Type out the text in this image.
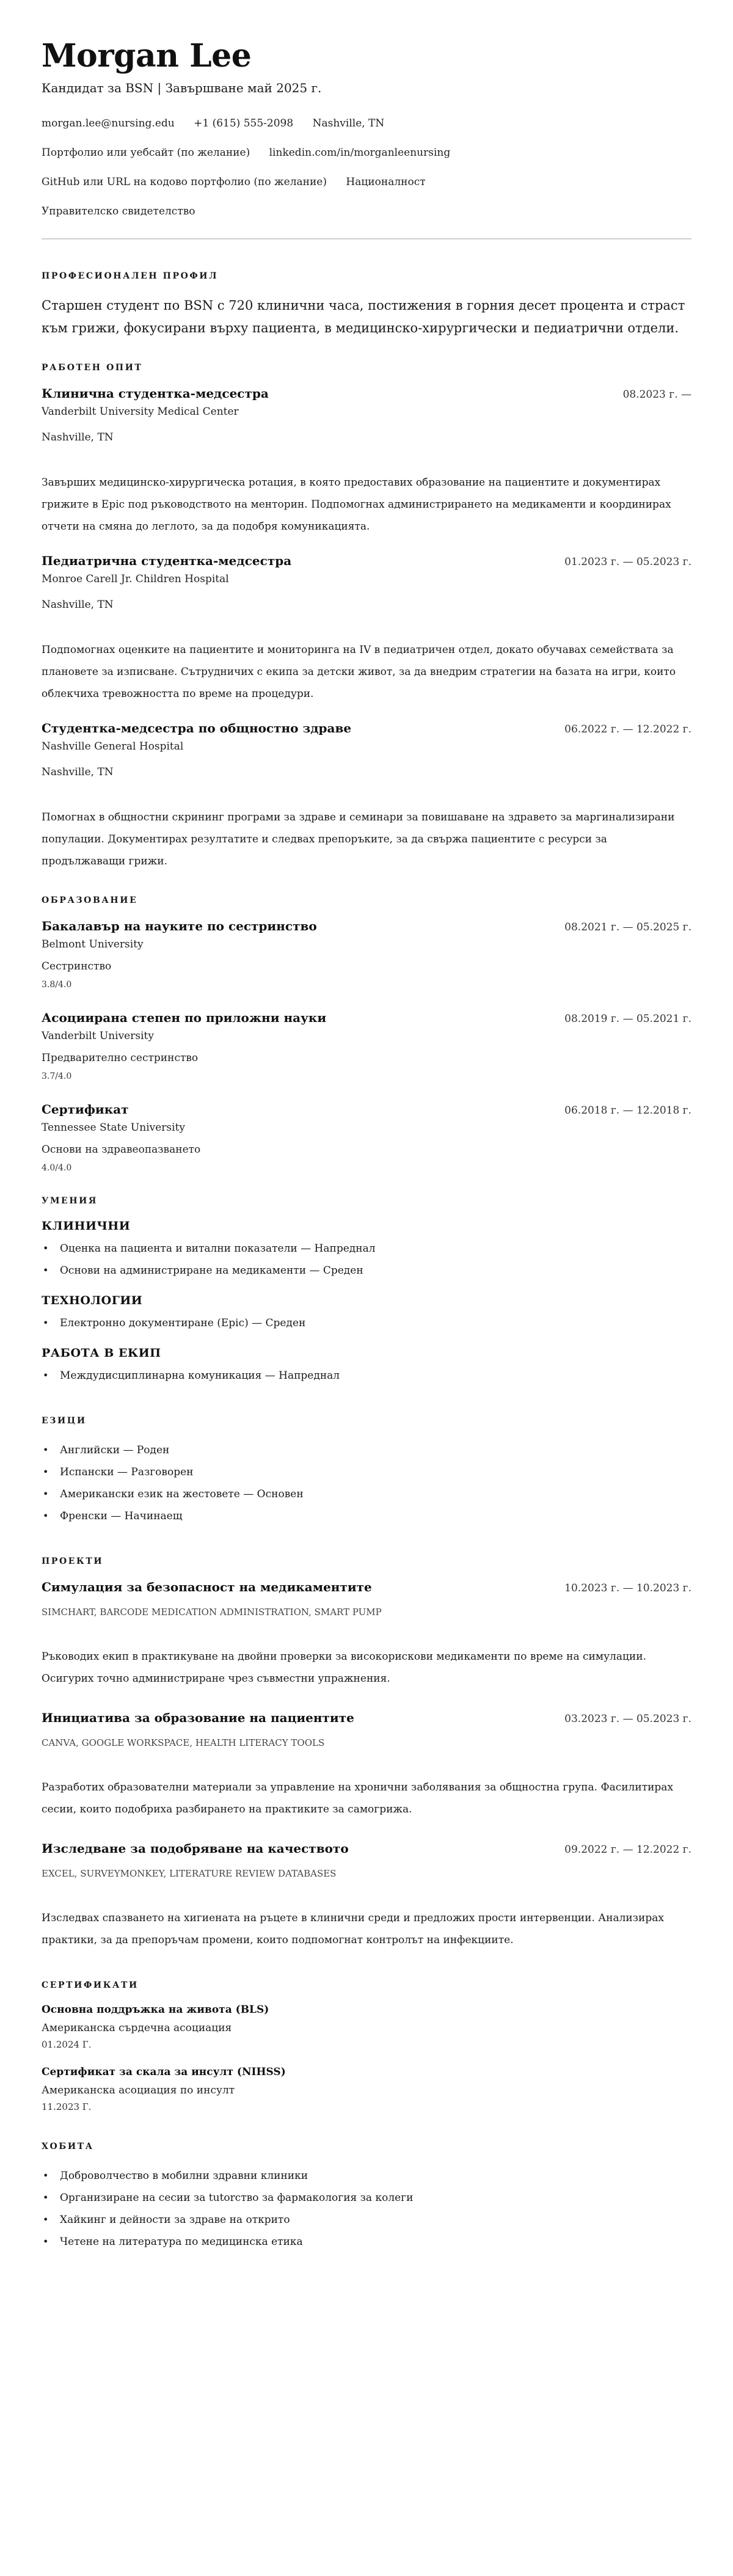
Morgan Lee
Кандидат за BSN | Завършване май 2025 г.

morgan.lee@nursing.edu +1 (615) 555-2098 Nashville, TN

Портфолио или уебсайт (по желание) linkedin.com/in/morganleenursing

GitHub или URL на кодово портфолио (по желание) Националност

Управителско свидетелство

ПРОФЕСИОНАЛЕН ПРОФИЛ

Старшен студент по BSN с 720 клинични часа, постижения в горния десет процента и страст към грижи, фокусирани върху пациента, в медицинско-хирургически и педиатрични отдели.

РАБОТЕН ОПИТ
Клинична студентка-медсестра	08.2023 г. —
Vanderbilt University Medical Center
Nashville, TN

Завърших медицинско-хирургическа ротация, в която предоставих образование на пациентите и документирах грижите в Epic под ръководството на менторин. Подпомогнах администрирането на медикаменти и координирах отчети на смяна до леглото, за да подобря комуникацията.

Педиатрична студентка-медсестра	01.2023 г. — 05.2023 г.
Monroe Carell Jr. Children Hospital
Nashville, TN

Подпомогнах оценките на пациентите и мониторинга на IV в педиатричен отдел, докато обучавах семействата за плановете за изписване. Сътрудничих с екипа за детски живот, за да внедрим стратегии на базата на игри, които облекчиха тревожността по време на процедури.

Студентка-медсестра по общностно здраве	06.2022 г. — 12.2022 г.
Nashville General Hospital
Nashville, TN

Помогнах в общностни скрининг програми за здраве и семинари за повишаване на здравето за маргинализирани популации. Документирах резултатите и следвах препоръките, за да свържа пациентите с ресурси за продължаващи грижи.

ОБРАЗОВАНИЕ
Бакалавър на науките по сестринство	08.2021 г. — 05.2025 г.
Belmont University
Сестринство
3.8/4.0
Асоциирана степен по приложни науки	08.2019 г. — 05.2021 г.
Vanderbilt University
Предварително сестринство
3.7/4.0
Сертификат	06.2018 г. — 12.2018 г.
Tennessee State University
Основи на здравеопазването
4.0/4.0
УМЕНИЯ
КЛИНИЧНИ
• Оценка на пациента и витални показатели — Напреднал
• Основи на администриране на медикаменти — Среден
ТЕХНОЛОГИИ
• Електронно документиране (Epic) — Среден
РАБОТА В ЕКИП
• Междудисциплинарна комуникация — Напреднал
ЕЗИЦИ
• Английски — Роден
• Испански — Разговорен
• Американски език на жестовете — Основен
• Френски — Начинаещ
ПРОЕКТИ
Симулация за безопасност на медикаментите	10.2023 г. — 10.2023 г.
SIMCHART, BARCODE MEDICATION ADMINISTRATION, SMART PUMP

Ръководих екип в практикуване на двойни проверки за високорискови медикаменти по време на симулации. Осигурих точно администриране чрез съвместни упражнения.

Инициатива за образование на пациентите	03.2023 г. — 05.2023 г.
CANVA, GOOGLE WORKSPACE, HEALTH LITERACY TOOLS

Разработих образователни материали за управление на хронични заболявания за общностна група. Фасилитирах сесии, които подобриха разбирането на практиките за самогрижа.

Изследване за подобряване на качеството	09.2022 г. — 12.2022 г.
EXCEL, SURVEYMONKEY, LITERATURE REVIEW DATABASES

Изследвах спазването на хигиената на ръцете в клинични среди и предложих прости интервенции. Анализирах практики, за да препоръчам промени, които подпомогнат контролът на инфекциите.

СЕРТИФИКАТИ
Основна поддръжка на живота (BLS)
Американска сърдечна асоциация
01.2024 Г.
Сертификат за скала за инсулт (NIHSS)
Американска асоциация по инсулт
11.2023 Г.
ХОБИТА
• Доброволчество в мобилни здравни клиники
• Организиране на сесии за tutorство за фармакология за колеги
• Хайкинг и дейности за здраве на открито
• Четене на литература по медицинска етика
